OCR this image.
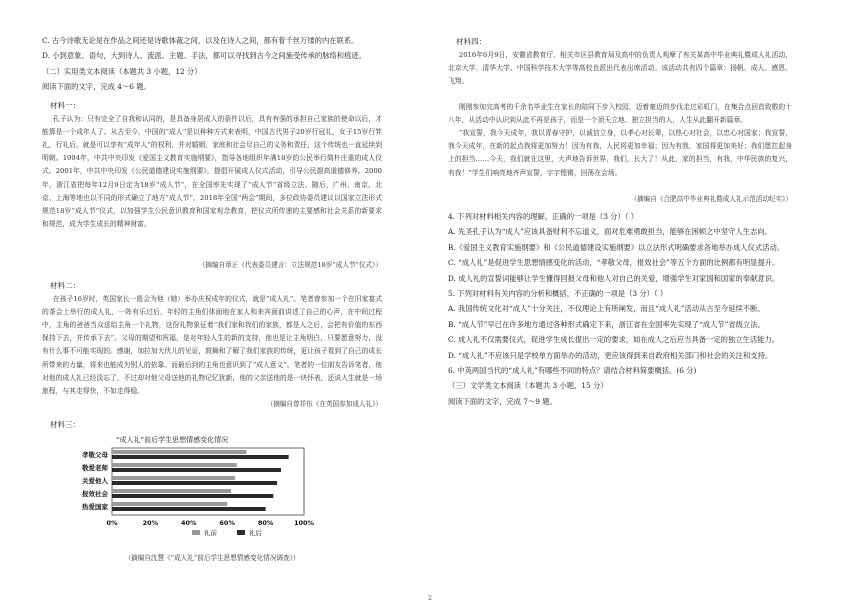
C. 古今诗歌无论是在作品之间还是诗歌体裁之间，以及在诗人之间，都有着千丝万缕的内在联系。

D. 小到意象、语句，大到诗人、流派、主题、手法，都可以寻找到古今之间施受传承的脉络和痕迹。

（二）实用类文本阅读（本题共 3 小题，12 分）

阅读下面的文字，完成 4～6 题。

材料一：

孔子认为：只有完全了自我和认同的，是具备身居成人的条件以后，具有有强的承担自己家族的使命以后，才能算是一个成年人了。从古至今，中国的“成人”是以种种方式来表明，中国古代男子20岁行冠礼，女子15岁行笄礼，行礼后，就是可以享有“成年人”的权利，并对婚姻、家庭和社会尽自己的义务和责任，这个传统也一直延续到明朝。1994年，中共中央印发《爱国主义教育实施纲要》，指导各地组织年满18岁的公民举行简朴庄重的成人仪式。2001年，中共中央印发《公民道德建设实施纲要》，提倡开展成人仪式活动，引导公民提高道德修养。2000年，浙江省把每年12月9日定为18岁“成人节”，在全国率先实现了“成人节”省级立法。随后，广州、南京、北京、上海等地也以不同的形式确立了地方“成人节”。2018年全国“两会”期间，多位政协委员建议以国家立法形式规范18岁“成人节”仪式，以加强学生公民意识教育和国家观念教育，把仪式所传递的主要感和社会关系的新要求和规范，成为学生成长的精神财富。

（摘编自章正《代表委员建言：立法规范18岁“成人节”仪式》）

材料二：

在孩子16岁时，英国家长一般会为他（她）举办庆祝成年的仪式，就是“成人礼”。笔者曾参加一个在旧家宴式的茶会上举行的成人礼，一阵有乐过后，年轻的主角们体面地在家人和来宾面前讲述了自己的心声，在中间过程中，主角的爸爸当众送给主角一个礼物，这份礼物象征着“我们家和我们的家族，都是人之后，会把有价值的东西保持下去，并传承下去”。父母的期望和祝福，是对年轻人生的新的支持，他也是让主角明白，只要愿意努力，没有什么事不可能实现的。感谢，加拉加大伙儿的见证，鼓舞和了解了我们家族的传统，更让孩子看到了自己的成长所带来的力量，将来也能成为别人的依靠。而最后到的主角也意识到了“成人意义”。笔者的一位朋友告诉笔者，他对他的成人礼已经淡忘了，不过却对他父母送他的礼物记忆犹新，他的父亲送他的是一块怀表，还说人生就是一场旅程，与其走得快，不如走得稳。

（摘编自曾祥伍《在英国参加成人礼》）

材料三：

“成人礼”前后学生思想情感变化情况
孝敬父母
敬爱老师
关爱他人
报效社会
热爱国家
0%	20%	40%	60%	80%	100%
礼前	礼后

（摘编自沈慧《“成人礼”前后学生思想情感变化情况调查》）

材料四：

2016年6月9日，安徽省教育厅、相关市区县教育局及高中的负责人观摩了有关某高中毕业典礼暨成人礼活动，北京大学、清华大学、中国科学技术大学等高校也派出代表出席活动。该活动共有四个篇章：扬帆、成人、感恩、飞翔。

刚刚参加完高考的千余名毕业生在家长的陪同下步入校园，迈着豪迈的步伐走过彩虹门，在集合点回首致敬的十八年，从活动中认识到从此不再是孩子，而是一个顶天立地、独立担当的人，人生从此翻开新篇章。

“我宣誓，我今天成年，我以青春守护，以诚信立身，以孝心对长辈，以热心对社会，以忠心对国家；我宣誓，我今天成年，在新的起点我将更加努力！因为有我，人民将更加幸福；因为有我，家国将更加美好；我们愿扛起身上的担当……今天，我们就在这里，大声地告诉世界，我们，长大了！从此，家的担当，有我，中华民族的复兴，有我！”学生们响亮地齐声宣誓，字字铿锵，回荡在会场。

（摘编自《合肥高中毕业典礼暨成人礼示范活动纪实》）

4. 下列对材料相关内容的理解，正确的一项是（3 分）（ ）

A. 先圣孔子认为“成人”应该具备财利不忘道义，面对危难勇敢担当，能够在困顿之中坚守人生志向。

B.《爱国主义教育实施纲要》和《公民道德建设实施纲要》以立法形式明确要求各地举办成人仪式活动。

C. “成人礼”是促进学生思想情感变化的活动，“孝敬父母，报效社会”等五个方面的比例都有明显提升。

D. 成人礼的宣誓词能够让学生懂得回报父母和他人对自己的关爱，增强学生对家国和国家的奉献意识。

5. 下列对材料有关内容的分析和概括，不正确的一项是（3 分）（ ）

A. 我国传统文化对“成人”十分关注，不仅理论上有所阐发，而且“成人礼”活动从古至今延续不断。

B. “成人节”早已在许多地方通过各种形式确定下来，浙江省在全国率先实现了“成人节”省级立法。

C. 成人礼不仅需要仪式，促进学生成长提出一定的要求，如在成人之后应当具备一定的独立生活能力。

D. “成人礼”不应该只是学校单方面举办的活动，更应该得到来自政府相关部门和社会的关注和支持。

6. 中英两国当代的“成人礼”有哪些不同的特点？请结合材料简要概括。(6 分)

（三）文学类文本阅读（本题共 3 小题，15 分）

阅读下面的文字，完成 7～9 题。

2
